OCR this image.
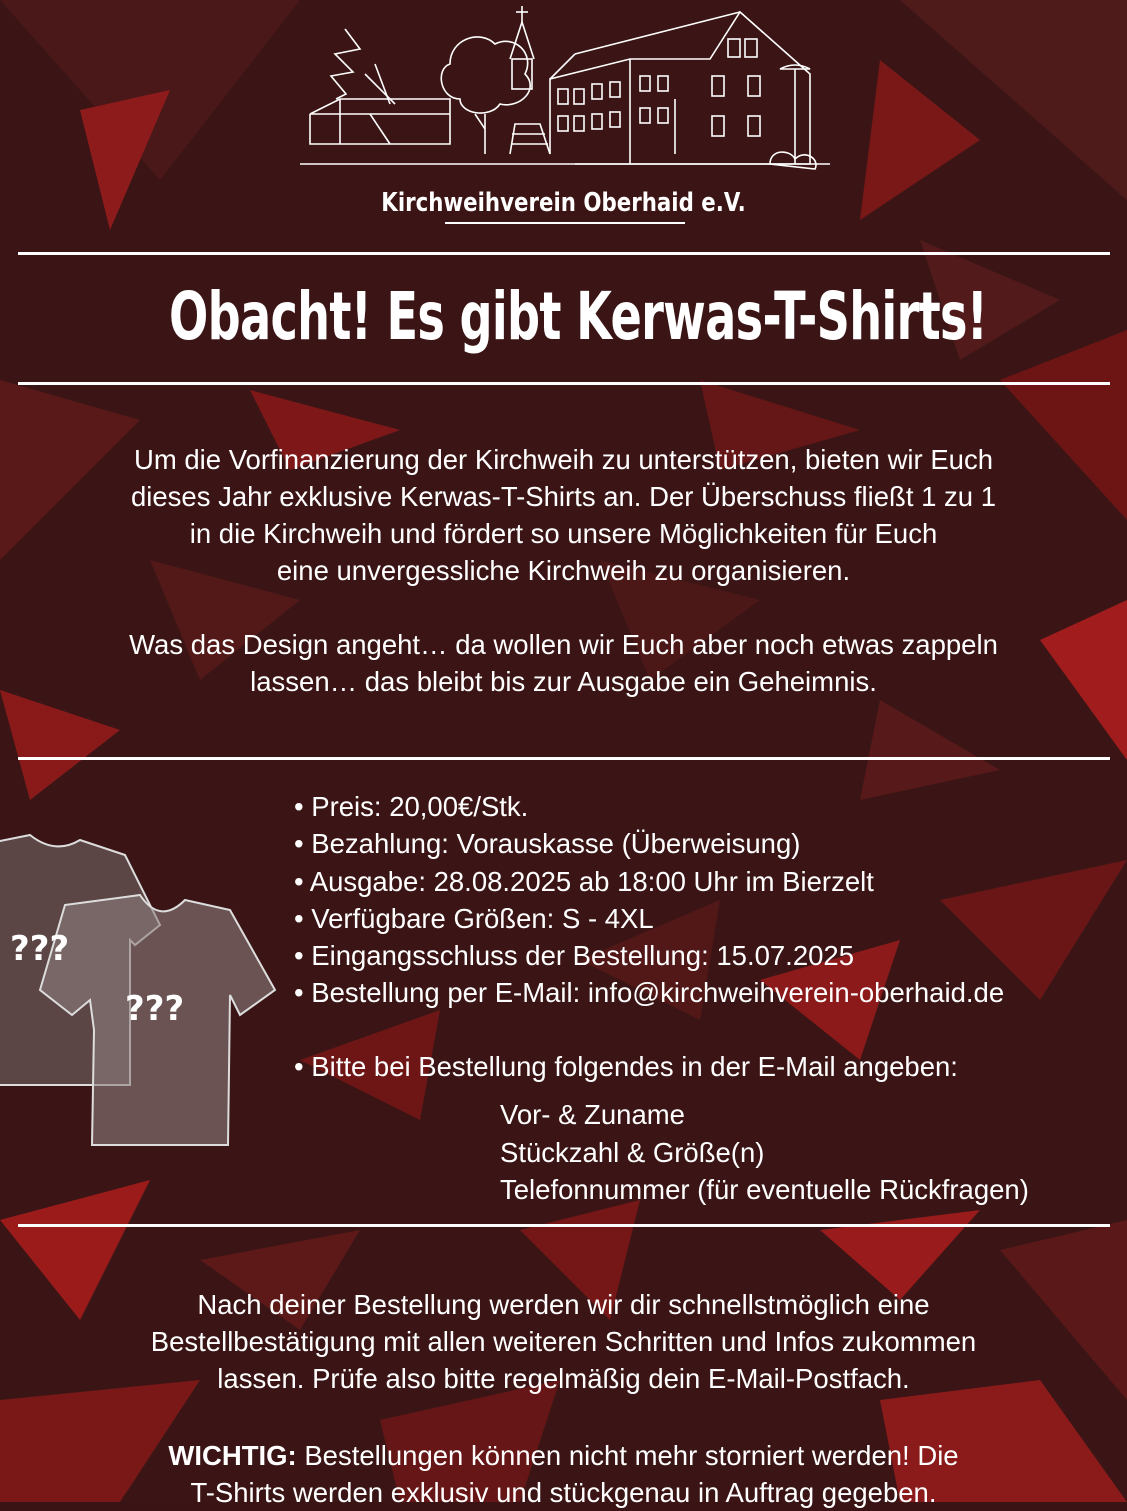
Kirchweihverein Oberhaid e.V.
Obacht! Es gibt Kerwas-T-Shirts!
Um die Vorfinanzierung der Kirchweih zu unterstützen, bieten wir Euch
dieses Jahr exklusive Kerwas-T-Shirts an. Der Überschuss fließt 1 zu 1
in die Kirchweih und fördert so unsere Möglichkeiten für Euch
eine unvergessliche Kirchweih zu organisieren.
Was das Design angeht… da wollen wir Euch aber noch etwas zappeln
lassen… das bleibt bis zur Ausgabe ein Geheimnis.
???
???
• Preis: 20,00€/Stk.
• Bezahlung: Vorauskasse (Überweisung)
• Ausgabe: 28.08.2025 ab 18:00 Uhr im Bierzelt
• Verfügbare Größen: S - 4XL
• Eingangsschluss der Bestellung: 15.07.2025
• Bestellung per E-Mail: info@kirchweihverein-oberhaid.de
• Bitte bei Bestellung folgendes in der E-Mail angeben:
Vor- & Zuname
Stückzahl & Größe(n)
Telefonnummer (für eventuelle Rückfragen)
Nach deiner Bestellung werden wir dir schnellstmöglich eine
Bestellbestätigung mit allen weiteren Schritten und Infos zukommen
lassen. Prüfe also bitte regelmäßig dein E-Mail-Postfach.
WICHTIG: Bestellungen können nicht mehr storniert werden! Die
T-Shirts werden exklusiv und stückgenau in Auftrag gegeben.
